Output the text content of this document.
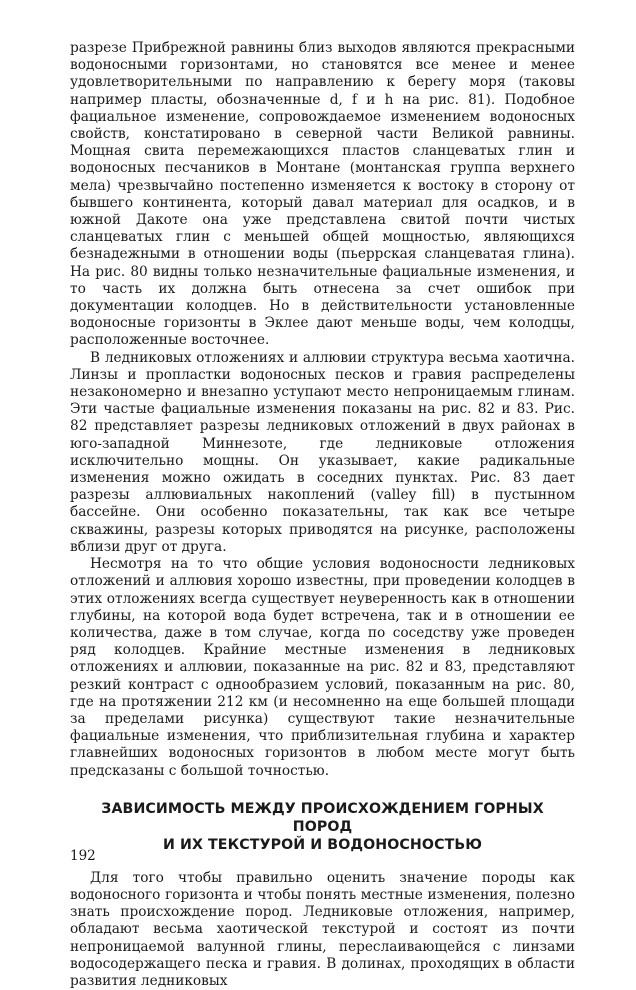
разрезе Прибрежной равнины близ выходов являются прекрасными водоносными горизонтами, но становятся все менее и менее удовлетворительными по направлению к берегу моря (таковы например пласты, обозначенные d, f и h на рис. 81). Подобное фациальное изменение, сопровождаемое изменением водоносных свойств, констатировано в северной части Великой равнины. Мощная свита перемежающихся пластов сланцеватых глин и водоносных песчаников в Монтане (монтанская группа верхнего мела) чрезвычайно постепенно изменяется к востоку в сторону от бывшего континента, который давал материал для осадков, и в южной Дакоте она уже представлена свитой почти чистых сланцеватых глин с меньшей общей мощностью, являющихся безнадежными в отношении воды (пьеррская сланцеватая глина). На рис. 80 видны только незначительные фациальные изменения, и то часть их должна быть отнесена за счет ошибок при документации колодцев. Но в действительности установленные водоносные горизонты в Эклее дают меньше воды, чем колодцы, расположенные восточнее.

В ледниковых отложениях и аллювии структура весьма хаотична. Линзы и пропластки водоносных песков и гравия распределены незакономерно и внезапно уступают место непроницаемым глинам. Эти частые фациальные изменения показаны на рис. 82 и 83. Рис. 82 представляет разрезы ледниковых отложений в двух районах в юго-западной Миннезоте, где ледниковые отложения исключительно мощны. Он указывает, какие радикальные изменения можно ожидать в соседних пунктах. Рис. 83 дает разрезы аллювиальных накоплений (valley fill) в пустынном бассейне. Они особенно показательны, так как все четыре скважины, разрезы которых приводятся на рисунке, расположены вблизи друг от друга.

Несмотря на то что общие условия водоносности ледниковых отложений и аллювия хорошо известны, при проведении колодцев в этих отложениях всегда существует неуверенность как в отношении глубины, на которой вода будет встречена, так и в отношении ее количества, даже в том случае, когда по соседству уже проведен ряд колодцев. Крайние местные изменения в ледниковых отложениях и аллювии, показанные на рис. 82 и 83, представляют резкий контраст с однообразием условий, показанным на рис. 80, где на протяжении 212 км (и несомненно на еще большей площади за пределами рисунка) существуют такие незначительные фациальные изменения, что приблизительная глубина и характер главнейших водоносных горизонтов в любом месте могут быть предсказаны с большой точностью.

ЗАВИСИМОСТЬ МЕЖДУ ПРОИСХОЖДЕНИЕМ ГОРНЫХ ПОРОД
И ИХ ТЕКСТУРОЙ И ВОДОНОСНОСТЬЮ

Для того чтобы правильно оценить значение породы как водоносного горизонта и чтобы понять местные изменения, полезно знать происхождение пород. Ледниковые отложения, например, обладают весьма хаотической текстурой и состоят из почти непроницаемой валунной глины, переслаивающейся с линзами водосодержащего песка и гравия. В долинах, проходящих в области развития ледниковых

192
